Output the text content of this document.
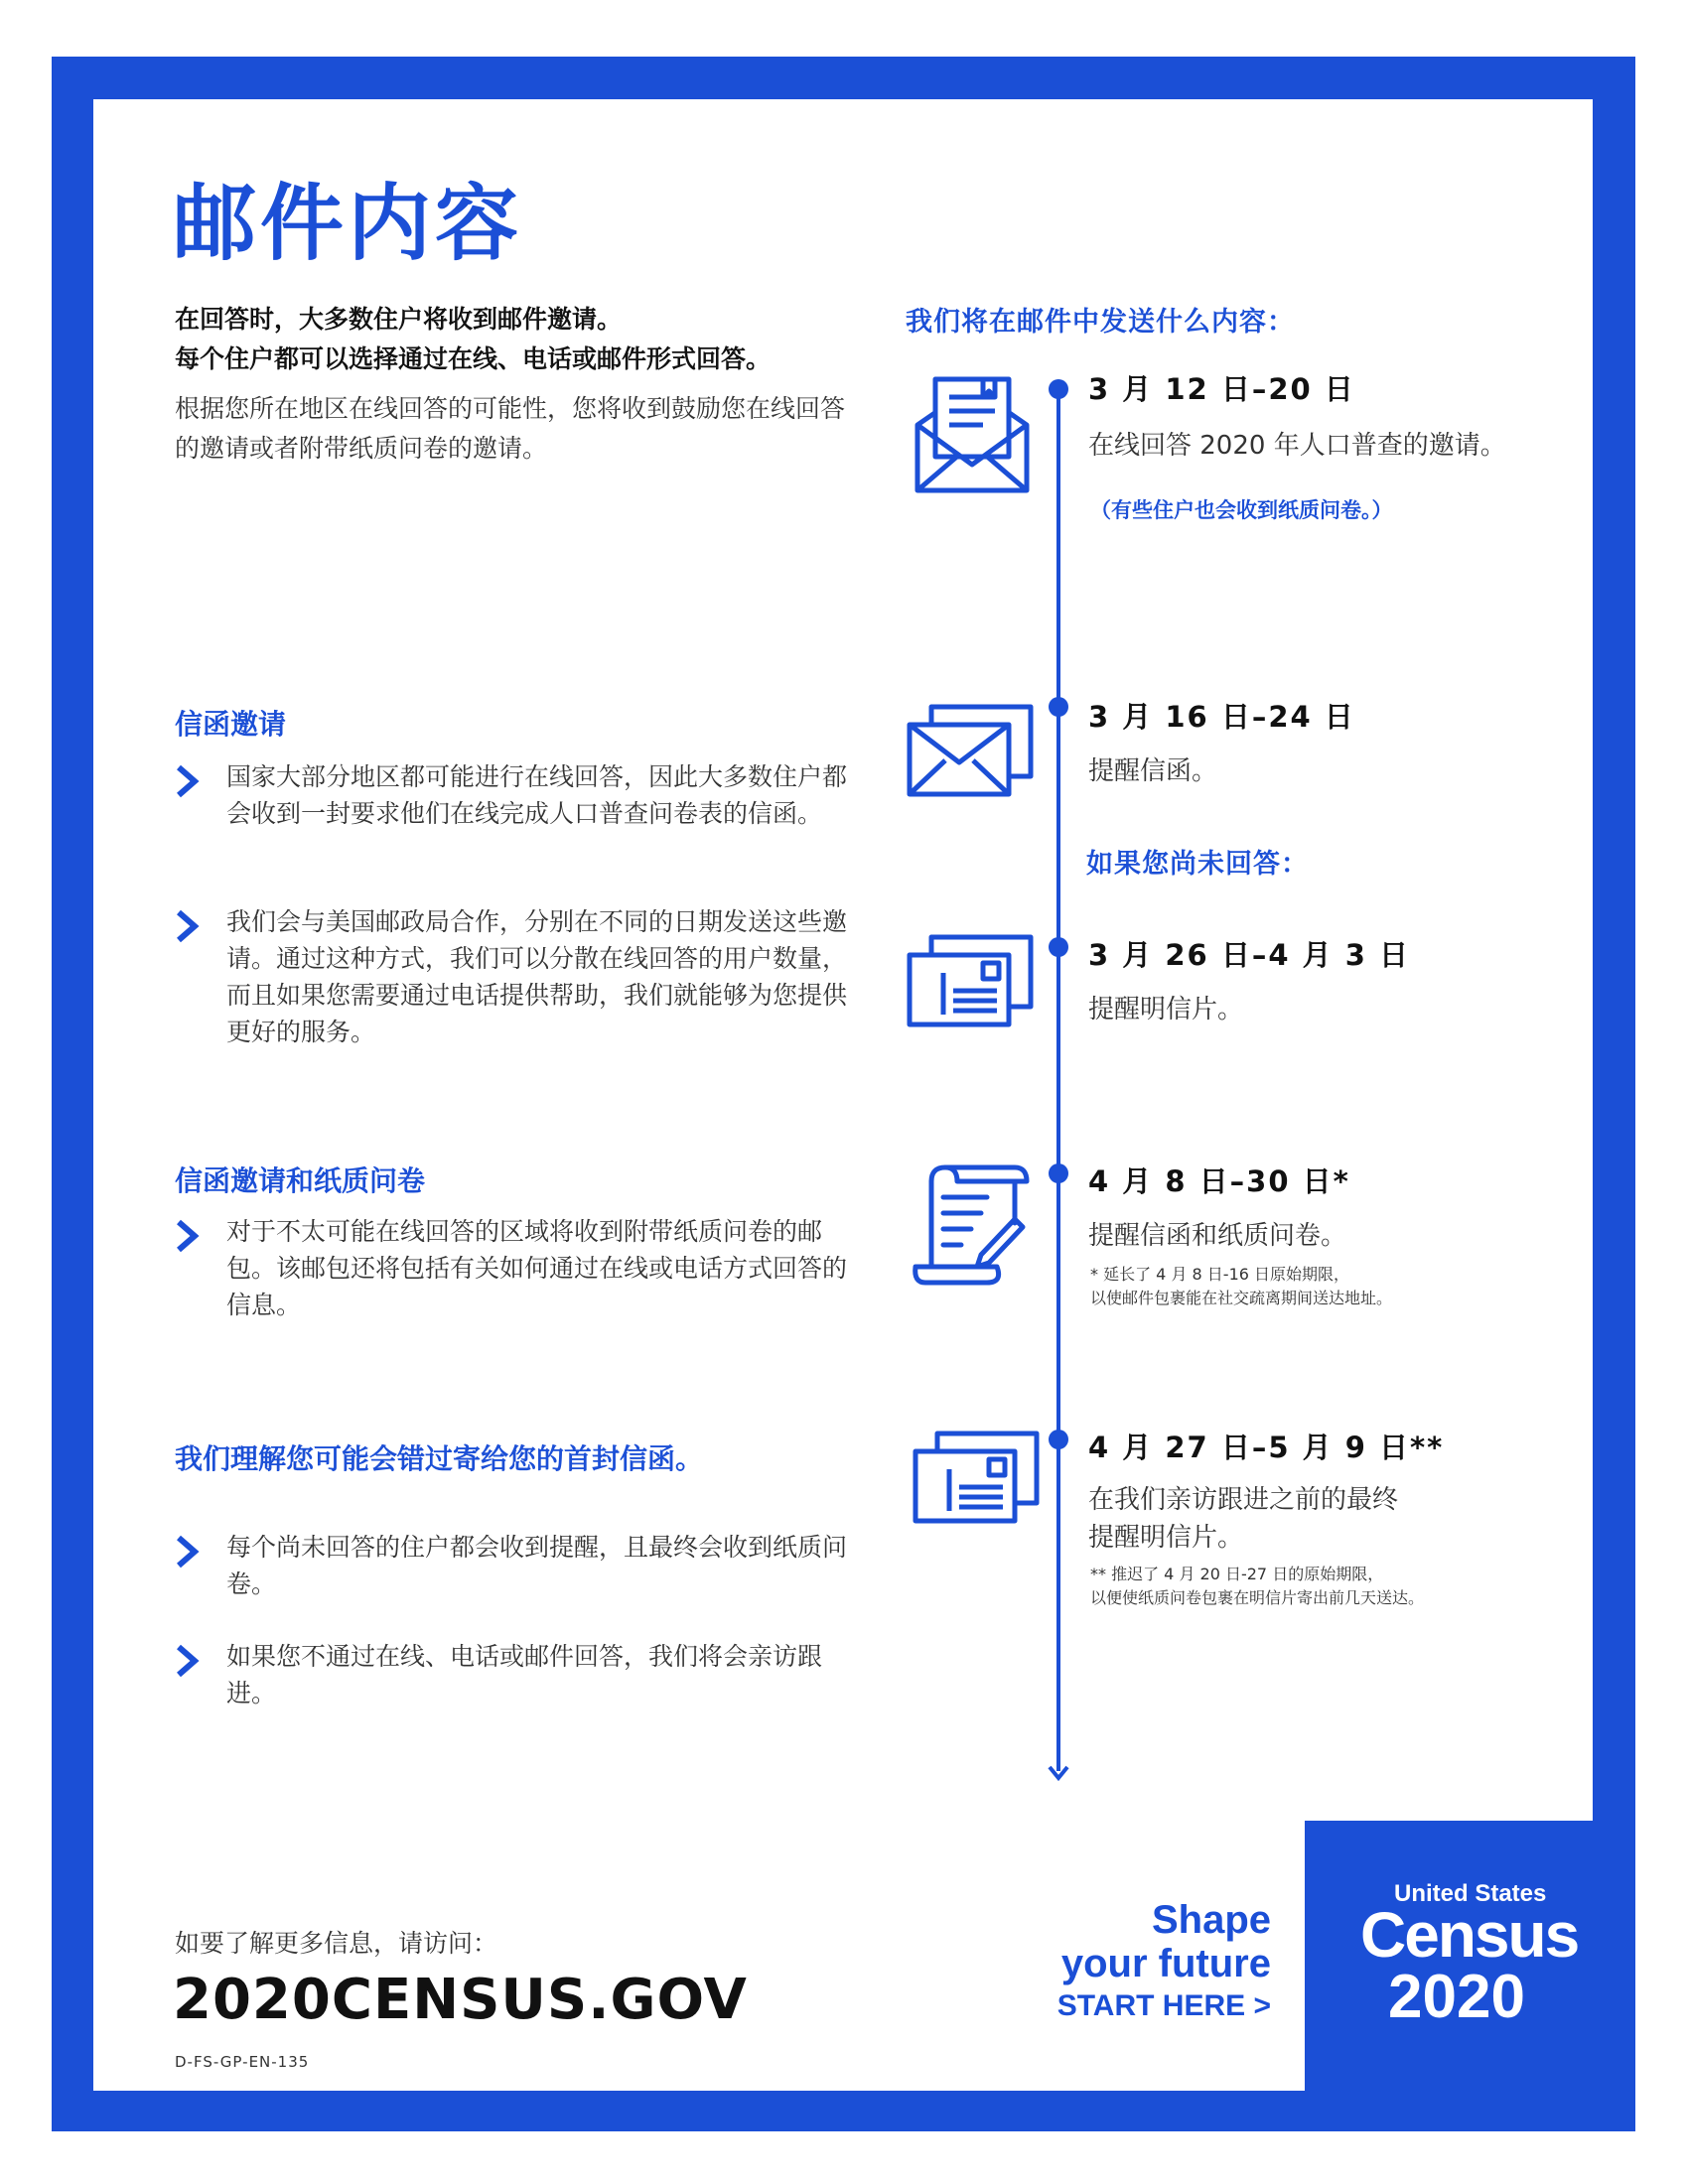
邮件内容
在回答时，大多数住户将收到邮件邀请。
每个住户都可以选择通过在线、电话或邮件形式回答。
根据您所在地区在线回答的可能性，您将收到鼓励您在线回答的邀请或者附带纸质问卷的邀请。
信函邀请
国家大部分地区都可能进行在线回答，因此大多数住户都会收到一封要求他们在线完成人口普查问卷表的信函。
我们会与美国邮政局合作，分别在不同的日期发送这些邀请。通过这种方式，我们可以分散在线回答的用户数量，而且如果您需要通过电话提供帮助，我们就能够为您提供更好的服务。
信函邀请和纸质问卷
对于不太可能在线回答的区域将收到附带纸质问卷的邮包。该邮包还将包括有关如何通过在线或电话方式回答的信息。
我们理解您可能会错过寄给您的首封信函。
每个尚未回答的住户都会收到提醒，且最终会收到纸质问卷。
如果您不通过在线、电话或邮件回答，我们将会亲访跟进。
我们将在邮件中发送什么内容：
3 月 12 日–20 日
在线回答 2020 年人口普查的邀请。
（有些住户也会收到纸质问卷。）
3 月 16 日–24 日
提醒信函。
如果您尚未回答：
3 月 26 日–4 月 3 日
提醒明信片。
4 月 8 日–30 日*
提醒信函和纸质问卷。
* 延长了 4 月 8 日-16 日原始期限，
以使邮件包裹能在社交疏离期间送达地址。
4 月 27 日–5 月 9 日**
在我们亲访跟进之前的最终
提醒明信片。
** 推迟了 4 月 20 日-27 日的原始期限，
以便使纸质问卷包裹在明信片寄出前几天送达。
如要了解更多信息，请访问：
2020CENSUS.GOV
D-FS-GP-EN-135
Shape
your future
START HERE >
United States
Census
2020
